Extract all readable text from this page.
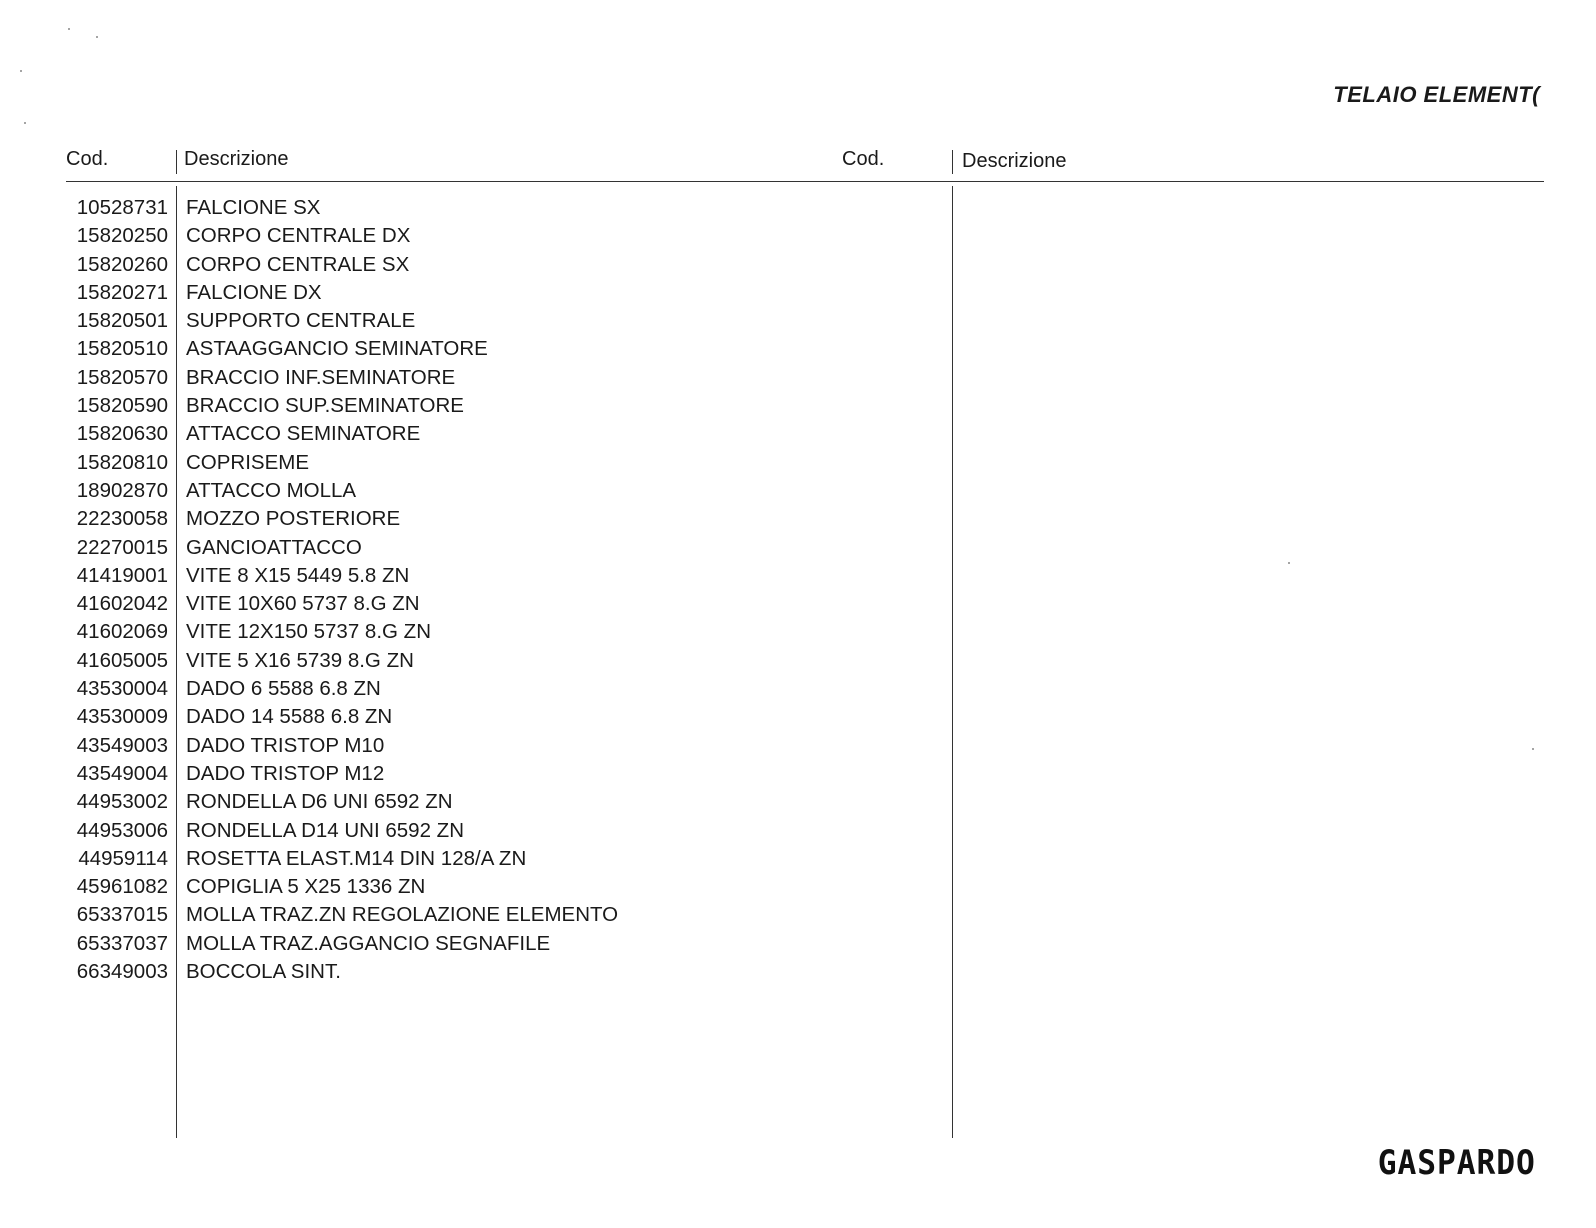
TELAIO ELEMENT(
Cod.	Descrizione	Cod.	Descrizione
10528731 FALCIONE SX
15820250 CORPO CENTRALE DX
15820260 CORPO CENTRALE SX
15820271 FALCIONE DX
15820501 SUPPORTO CENTRALE
15820510 ASTAAGGANCIO SEMINATORE
15820570 BRACCIO INF.SEMINATORE
15820590 BRACCIO SUP.SEMINATORE
15820630 ATTACCO SEMINATORE
15820810 COPRISEME
18902870 ATTACCO MOLLA
22230058 MOZZO POSTERIORE
22270015 GANCIOATTACCO
41419001 VITE 8 X15 5449 5.8 ZN
41602042 VITE 10X60 5737 8.G ZN
41602069 VITE 12X150 5737 8.G ZN
41605005 VITE 5 X16 5739 8.G ZN
43530004 DADO 6 5588 6.8 ZN
43530009 DADO 14 5588 6.8 ZN
43549003 DADO TRISTOP M10
43549004 DADO TRISTOP M12
44953002 RONDELLA D6 UNI 6592 ZN
44953006 RONDELLA D14 UNI 6592 ZN
44959114 ROSETTA ELAST.M14 DIN 128/A ZN
45961082 COPIGLIA 5 X25 1336 ZN
65337015 MOLLA TRAZ.ZN REGOLAZIONE ELEMENTO
65337037 MOLLA TRAZ.AGGANCIO SEGNAFILE
66349003 BOCCOLA SINT.
GASPARDO
